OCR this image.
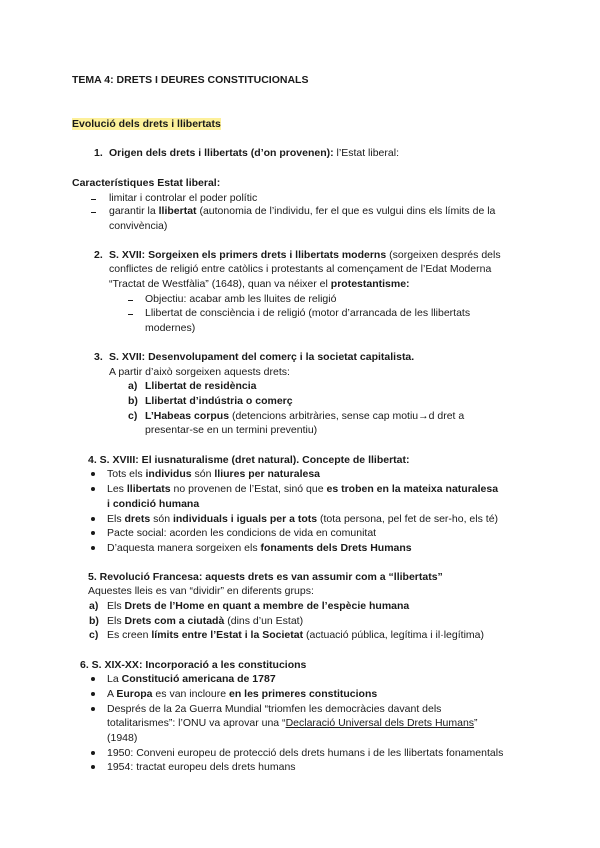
TEMA 4: DRETS I DEURES CONSTITUCIONALS
Evolució dels drets i llibertats
1. Origen dels drets i llibertats (d’on provenen): l’Estat liberal:
Característiques Estat liberal:
limitar i controlar el poder polític
garantir la llibertat (autonomia de l’individu, fer el que es vulgui dins els límits de la
convivència)
2. S. XVII: Sorgeixen els primers drets i llibertats moderns (sorgeixen després dels
conflictes de religió entre catòlics i protestants al començament de l’Edat Moderna
“Tractat de Westfàlia” (1648), quan va néixer el protestantisme:
Objectiu: acabar amb les lluites de religió
Llibertat de consciència i de religió (motor d’arrancada de les llibertats
modernes)
3. S. XVII: Desenvolupament del comerç i la societat capitalista.
A partir d’això sorgeixen aquests drets:
a) Llibertat de residència
b) Llibertat d’indústria o comerç
c) L’Habeas corpus (detencions arbitràries, sense cap motiu→d dret a
presentar-se en un termini preventiu)
4. S. XVIII: El iusnaturalisme (dret natural). Concepte de llibertat:
Tots els individus són lliures per naturalesa
Les llibertats no provenen de l’Estat, sinó que es troben en la mateixa naturalesa
i condició humana
Els drets són individuals i iguals per a tots (tota persona, pel fet de ser-ho, els té)
Pacte social: acorden les condicions de vida en comunitat
D’aquesta manera sorgeixen els fonaments dels Drets Humans
5. Revolució Francesa: aquests drets es van assumir com a “llibertats”
Aquestes lleis es van “dividir” en diferents grups:
a) Els Drets de l’Home en quant a membre de l’espècie humana
b) Els Drets com a ciutadà (dins d’un Estat)
c) Es creen límits entre l’Estat i la Societat (actuació pública, legítima i il·legítima)
6. S. XIX-XX: Incorporació a les constitucions
La Constitució americana de 1787
A Europa es van incloure en les primeres constitucions
Després de la 2a Guerra Mundial “triomfen les democràcies davant dels
totalitarismes”: l’ONU va aprovar una “Declaració Universal dels Drets Humans”
(1948)
1950: Conveni europeu de protecció dels drets humans i de les llibertats fonamentals
1954: tractat europeu dels drets humans
